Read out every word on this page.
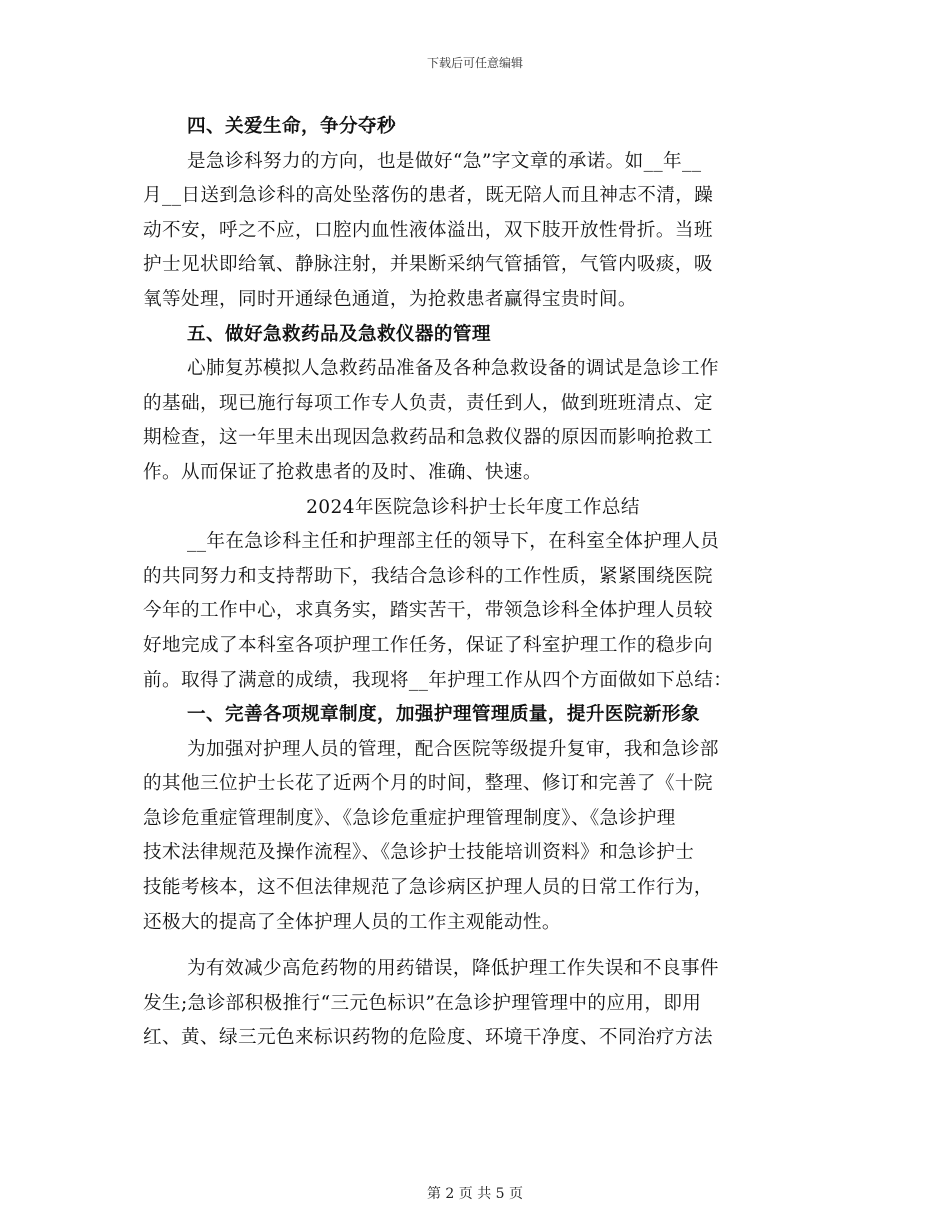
下载后可任意编辑
四、关爱生命，争分夺秒
是急诊科努力的方向，也是做好“急”字文章的承诺。如__年__
月__日送到急诊科的高处坠落伤的患者，既无陪人而且神志不清，躁
动不安，呼之不应，口腔内血性液体溢出，双下肢开放性骨折。当班
护士见状即给氧、静脉注射，并果断采纳气管插管，气管内吸痰，吸
氧等处理，同时开通绿色通道，为抢救患者赢得宝贵时间。
五、做好急救药品及急救仪器的管理
心肺复苏模拟人急救药品准备及各种急救设备的调试是急诊工作
的基础，现已施行每项工作专人负责，责任到人，做到班班清点、定
期检查，这一年里未出现因急救药品和急救仪器的原因而影响抢救工
作。从而保证了抢救患者的及时、准确、快速。
2024年医院急诊科护士长年度工作总结
__年在急诊科主任和护理部主任的领导下，在科室全体护理人员
的共同努力和支持帮助下，我结合急诊科的工作性质，紧紧围绕医院
今年的工作中心，求真务实，踏实苦干，带领急诊科全体护理人员较
好地完成了本科室各项护理工作任务，保证了科室护理工作的稳步向
前。取得了满意的成绩，我现将__年护理工作从四个方面做如下总结：
一、完善各项规章制度，加强护理管理质量，提升医院新形象
为加强对护理人员的管理，配合医院等级提升复审，我和急诊部
的其他三位护士长花了近两个月的时间，整理、修订和完善了《十院
急诊危重症管理制度》、《急诊危重症护理管理制度》、《急诊护理
技术法律规范及操作流程》、《急诊护士技能培训资料》和急诊护士
技能考核本，这不但法律规范了急诊病区护理人员的日常工作行为，
还极大的提高了全体护理人员的工作主观能动性。
为有效减少高危药物的用药错误，降低护理工作失误和不良事件
发生;急诊部积极推行“三元色标识”在急诊护理管理中的应用，即用
红、黄、绿三元色来标识药物的危险度、环境干净度、不同治疗方法
第 2 页 共 5 页
